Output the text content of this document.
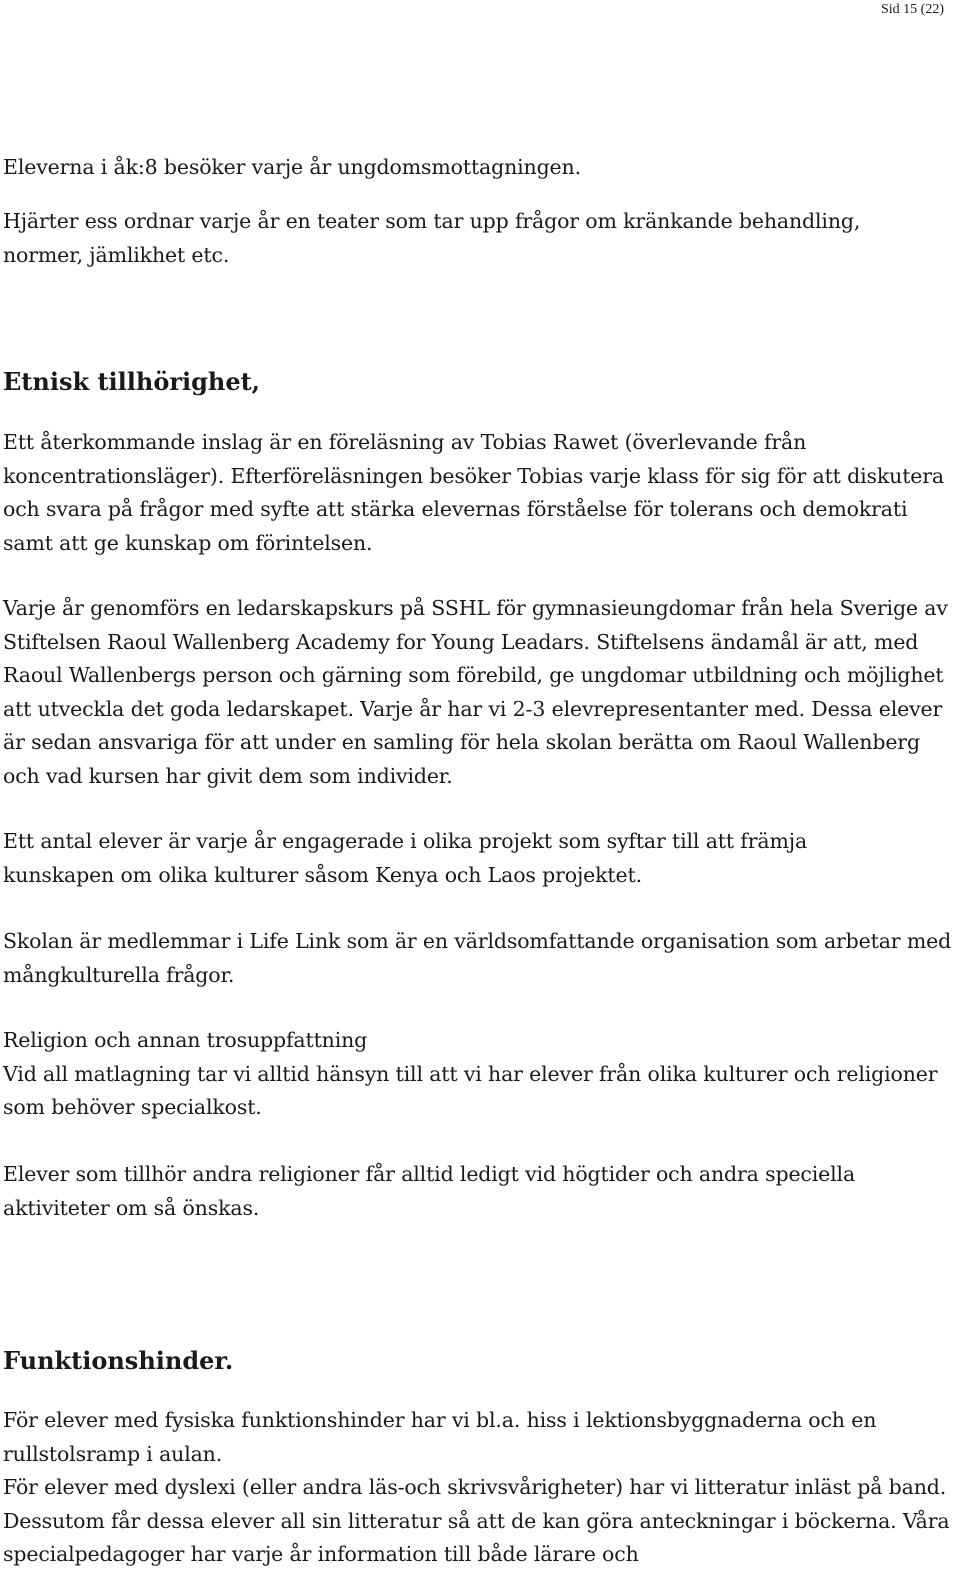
Sid 15 (22)

Eleverna i åk:8 besöker varje år ungdomsmottagningen.

Hjärter ess ordnar varje år en teater som tar upp frågor om kränkande behandling, normer, jämlikhet etc.

Etnisk tillhörighet,

Ett återkommande inslag är en föreläsning av Tobias Rawet (överlevande från koncentrationsläger). Efterföreläsningen besöker Tobias varje klass för sig för att diskutera och svara på frågor med syfte att stärka elevernas förståelse för tolerans och demokrati samt att ge kunskap om förintelsen.

Varje år genomförs en ledarskapskurs på SSHL för gymnasieungdomar från hela Sverige av Stiftelsen Raoul Wallenberg Academy for Young Leadars. Stiftelsens ändamål är att, med Raoul Wallenbergs person och gärning som förebild, ge ungdomar utbildning och möjlighet att utveckla det goda ledarskapet. Varje år har vi 2-3 elevrepresentanter med. Dessa elever är sedan ansvariga för att under en samling för hela skolan berätta om Raoul Wallenberg och vad kursen har givit dem som individer.

Ett antal elever är varje år engagerade i olika projekt som syftar till att främja kunskapen om olika kulturer såsom Kenya och Laos projektet.

Skolan är medlemmar i Life Link som är en världsomfattande organisation som arbetar med mångkulturella frågor.

Religion och annan trosuppfattning
Vid all matlagning tar vi alltid hänsyn till att vi har elever från olika kulturer och religioner som behöver specialkost.

Elever som tillhör andra religioner får alltid ledigt vid högtider och andra speciella aktiviteter om så önskas.

Funktionshinder.

För elever med fysiska funktionshinder har vi bl.a. hiss i lektionsbyggnaderna och en rullstolsramp i aulan.

För elever med dyslexi (eller andra läs-och skrivsvårigheter) har vi litteratur inläst på band. Dessutom får dessa elever all sin litteratur så att de kan göra anteckningar i böckerna. Våra specialpedagoger har varje år information till både lärare och
